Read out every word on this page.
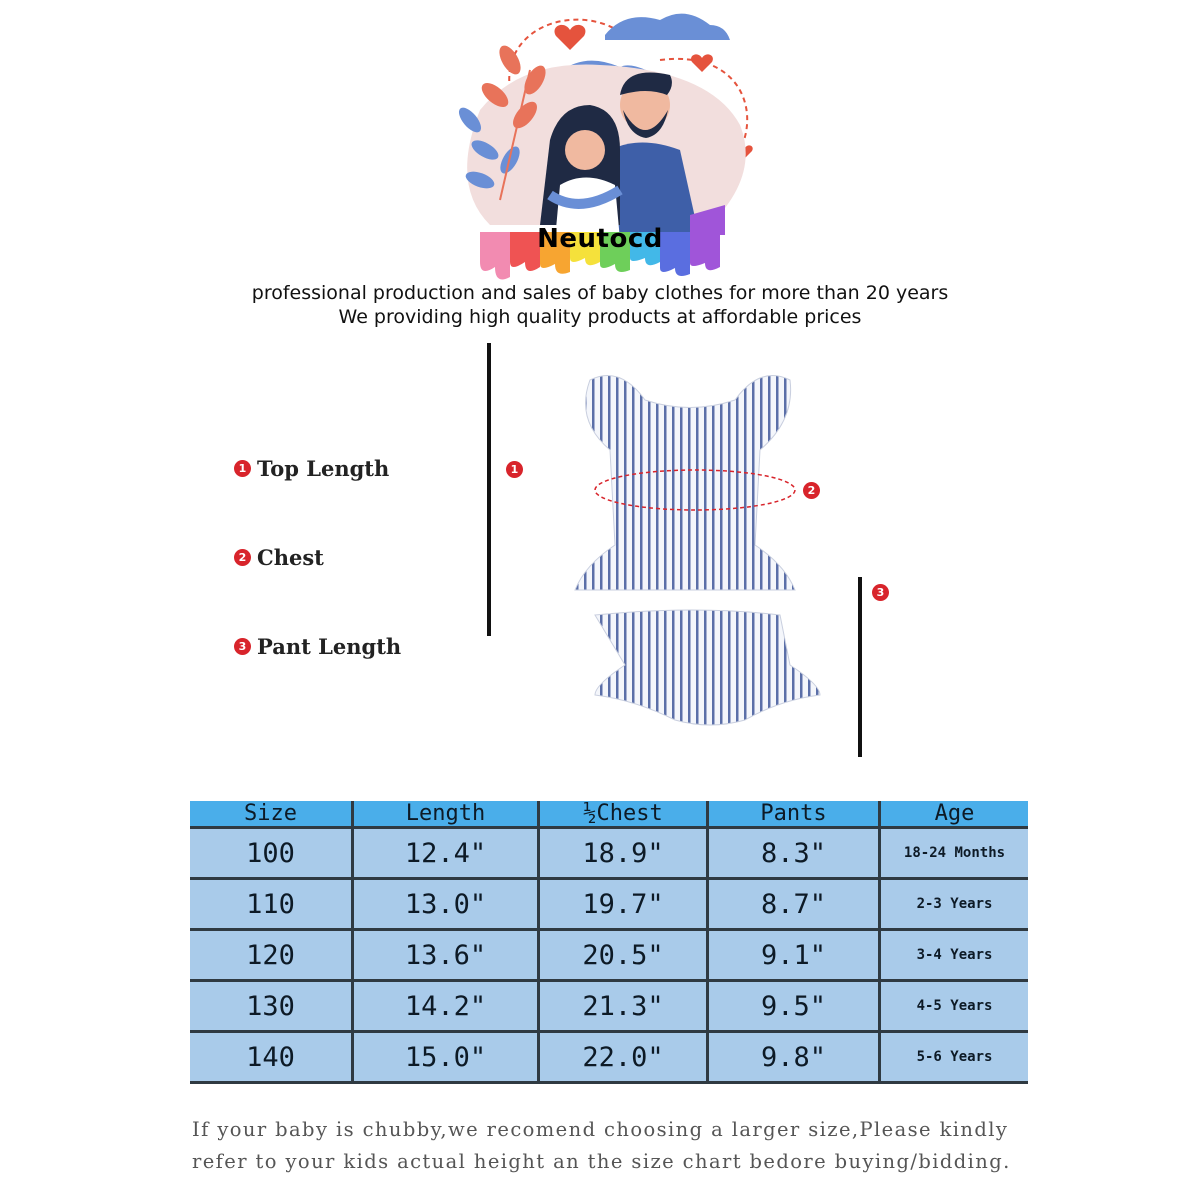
Neutocd
professional production and sales of baby clothes for more than 20 years
We providing high quality products at affordable prices
1 Top Length
2 Chest
3 Pant Length
1
2
3
Size	Length	½Chest	Pants	Age
100	12.4"	18.9"	8.3"	18-24 Months
110	13.0"	19.7"	8.7"	2-3 Years
120	13.6"	20.5"	9.1"	3-4 Years
130	14.2"	21.3"	9.5"	4-5 Years
140	15.0"	22.0"	9.8"	5-6 Years
If your baby is chubby,we recomend choosing a larger size,Please kindly refer to your kids actual height an the size chart bedore buying/bidding.
